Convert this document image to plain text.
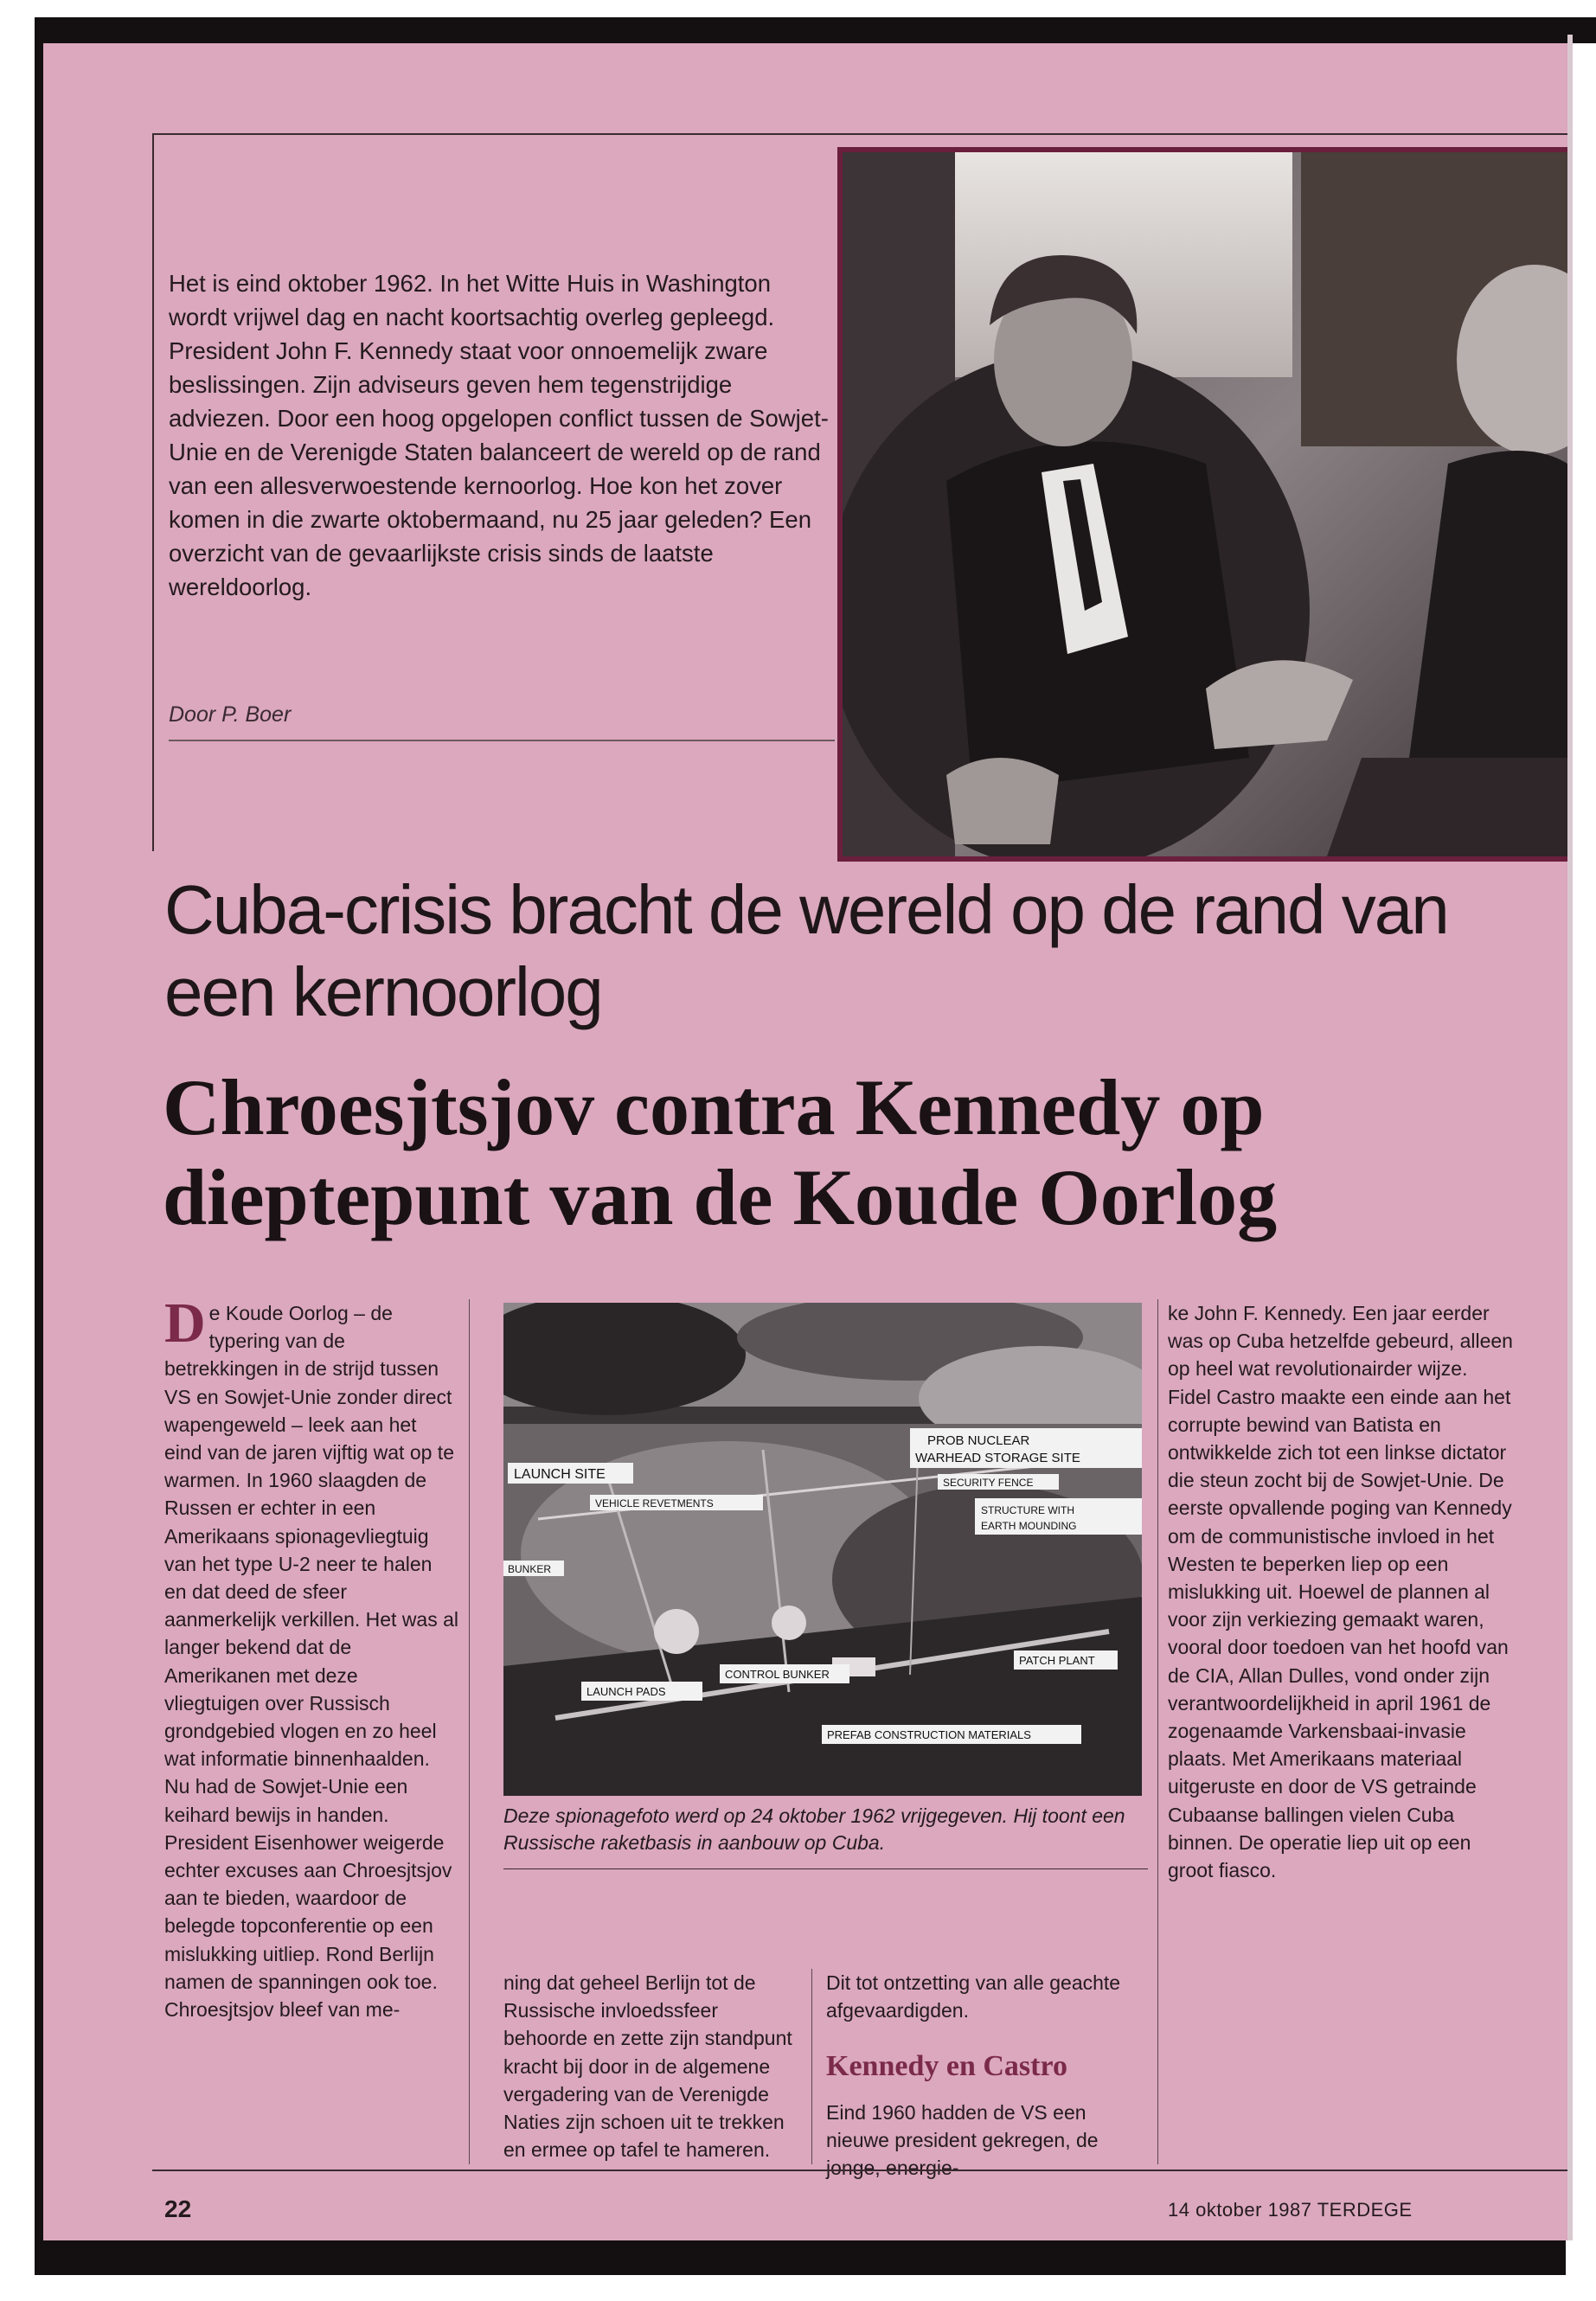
Het is eind oktober 1962. In het Witte Huis in Washington wordt vrijwel dag en nacht koortsachtig overleg gepleegd. President John F. Kennedy staat voor onnoemelijk zware beslissingen. Zijn adviseurs geven hem tegenstrijdige adviezen. Door een hoog opgelopen conflict tussen de Sowjet-Unie en de Verenigde Staten balanceert de wereld op de rand van een allesverwoestende kernoorlog. Hoe kon het zover komen in die zwarte oktobermaand, nu 25 jaar geleden? Een overzicht van de gevaarlijkste crisis sinds de laatste wereldoorlog.

Door P. Boer

Cuba-crisis bracht de wereld op de rand van een kernoorlog
Chroesjtsjov contra Kennedy op dieptepunt van de Koude Oorlog

De Koude Oorlog – de typering van de betrekkingen in de strijd tussen VS en Sowjet-Unie zonder direct wapengeweld – leek aan het eind van de jaren vijftig wat op te warmen. In 1960 slaagden de Russen er echter in een Amerikaans spionagevliegtuig van het type U-2 neer te halen en dat deed de sfeer aanmerkelijk verkillen. Het was al langer bekend dat de Amerikanen met deze vliegtuigen over Russisch grondgebied vlogen en zo heel wat informatie binnenhaalden. Nu had de Sowjet-Unie een keihard bewijs in handen. President Eisenhower weigerde echter excuses aan Chroesjtsjov aan te bieden, waardoor de belegde topconferentie op een mislukking uitliep. Rond Berlijn namen de spanningen ook toe. Chroesjtsjov bleef van me-

LAUNCH SITE
VEHICLE REVETMENTS
PROB NUCLEAR
WARHEAD STORAGE SITE
SECURITY FENCE
STRUCTURE WITH
EARTH MOUNDING
BUNKER
CONTROL BUNKER
LAUNCH PADS
PATCH PLANT
PREFAB CONSTRUCTION MATERIALS

Deze spionagefoto werd op 24 oktober 1962 vrijgegeven. Hij toont een Russische raketbasis in aanbouw op Cuba.

ning dat geheel Berlijn tot de Russische invloedssfeer behoorde en zette zijn standpunt kracht bij door in de algemene vergadering van de Verenigde Naties zijn schoen uit te trekken en ermee op tafel te hameren.

Dit tot ontzetting van alle geachte afgevaardigden.

Kennedy en Castro

Eind 1960 hadden de VS een nieuwe president gekregen, de jonge, energie-

ke John F. Kennedy. Een jaar eerder was op Cuba hetzelfde gebeurd, alleen op heel wat revolutionairder wijze. Fidel Castro maakte een einde aan het corrupte bewind van Batista en ontwikkelde zich tot een linkse dictator die steun zocht bij de Sowjet-Unie. De eerste opvallende poging van Kennedy om de communistische invloed in het Westen te beperken liep op een mislukking uit. Hoewel de plannen al voor zijn verkiezing gemaakt waren, vooral door toedoen van het hoofd van de CIA, Allan Dulles, vond onder zijn verantwoordelijkheid in april 1961 de zogenaamde Varkensbaai-invasie plaats. Met Amerikaans materiaal uitgeruste en door de VS getrainde Cubaanse ballingen vielen Cuba binnen. De operatie liep uit op een groot fiasco.

22	14 oktober 1987 TERDEGE
